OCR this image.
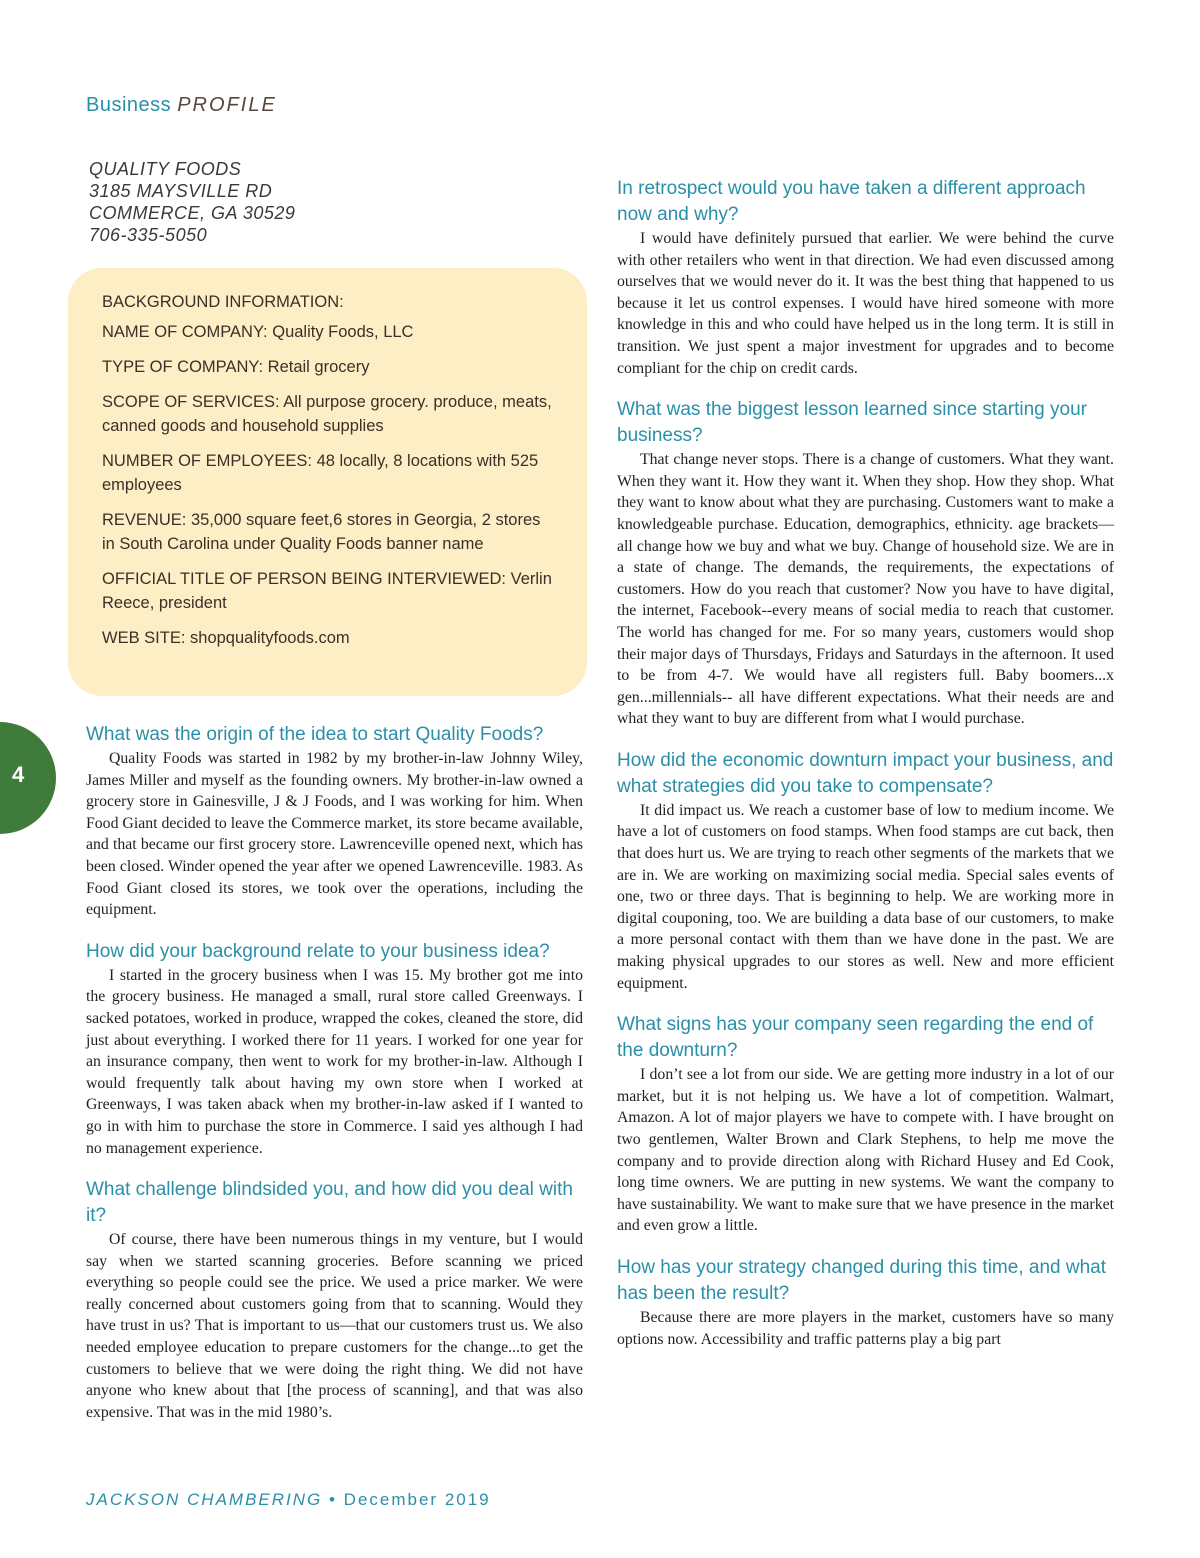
Business PROFILE
QUALITY FOODS
3185 MAYSVILLE RD
COMMERCE, GA 30529
706-335-5050
BACKGROUND INFORMATION:
NAME OF COMPANY: Quality Foods, LLC
TYPE OF COMPANY: Retail grocery
SCOPE OF SERVICES: All purpose grocery. produce, meats, canned goods and household supplies
NUMBER OF EMPLOYEES: 48 locally, 8 locations with 525 employees
REVENUE: 35,000 square feet,6 stores in Georgia, 2 stores in South Carolina under Quality Foods banner name
OFFICIAL TITLE OF PERSON BEING INTERVIEWED: Verlin Reece, president
WEB SITE: shopqualityfoods.com
4

What was the origin of the idea to start Quality Foods?

Quality Foods was started in 1982 by my brother-in-law Johnny Wiley, James Miller and myself as the founding owners. My brother-in-law owned a grocery store in Gainesville, J & J Foods, and I was working for him. When Food Giant decided to leave the Commerce market, its store became available, and that became our first grocery store. Lawrenceville opened next, which has been closed. Winder opened the year after we opened Lawrenceville. 1983. As Food Giant closed its stores, we took over the operations, including the equipment.

How did your background relate to your business idea?

I started in the grocery business when I was 15. My brother got me into the grocery business. He managed a small, rural store called Greenways. I sacked potatoes, worked in produce, wrapped the cokes, cleaned the store, did just about everything. I worked there for 11 years. I worked for one year for an insurance company, then went to work for my brother-in-law. Although I would frequently talk about having my own store when I worked at Greenways, I was taken aback when my brother-in-law asked if I wanted to go in with him to purchase the store in Commerce. I said yes although I had no management experience.

What challenge blindsided you, and how did you deal with it?

Of course, there have been numerous things in my venture, but I would say when we started scanning groceries. Before scanning we priced everything so people could see the price. We used a price marker. We were really concerned about customers going from that to scanning. Would they have trust in us? That is important to us—that our customers trust us. We also needed employee education to prepare customers for the change...to get the customers to believe that we were doing the right thing. We did not have anyone who knew about that [the process of scanning], and that was also expensive. That was in the mid 1980’s.

In retrospect would you have taken a different approach now and why?

I would have definitely pursued that earlier. We were behind the curve with other retailers who went in that direction. We had even discussed among ourselves that we would never do it. It was the best thing that happened to us because it let us control expenses. I would have hired someone with more knowledge in this and who could have helped us in the long term. It is still in transition. We just spent a major investment for upgrades and to become compliant for the chip on credit cards.

What was the biggest lesson learned since starting your business?

That change never stops. There is a change of customers. What they want. When they want it. How they want it. When they shop. How they shop. What they want to know about what they are purchasing. Customers want to make a knowledgeable purchase. Education, demographics, ethnicity. age brackets—all change how we buy and what we buy. Change of household size. We are in a state of change. The demands, the requirements, the expectations of customers. How do you reach that customer? Now you have to have digital, the internet, Facebook--every means of social media to reach that customer. The world has changed for me. For so many years, customers would shop their major days of Thursdays, Fridays and Saturdays in the afternoon. It used to be from 4-7. We would have all registers full. Baby boomers...x gen...millennials-- all have different expectations. What their needs are and what they want to buy are different from what I would purchase.

How did the economic downturn impact your business, and what strategies did you take to compensate?

It did impact us. We reach a customer base of low to medium income. We have a lot of customers on food stamps. When food stamps are cut back, then that does hurt us. We are trying to reach other segments of the markets that we are in. We are working on maximizing social media. Special sales events of one, two or three days. That is beginning to help. We are working more in digital couponing, too. We are building a data base of our customers, to make a more personal contact with them than we have done in the past. We are making physical upgrades to our stores as well. New and more efficient equipment.

What signs has your company seen regarding the end of the downturn?

I don’t see a lot from our side. We are getting more industry in a lot of our market, but it is not helping us. We have a lot of competition. Walmart, Amazon. A lot of major players we have to compete with. I have brought on two gentlemen, Walter Brown and Clark Stephens, to help me move the company and to provide direction along with Richard Husey and Ed Cook, long time owners. We are putting in new systems. We want the company to have sustainability. We want to make sure that we have presence in the market and even grow a little.

How has your strategy changed during this time, and what has been the result?

Because there are more players in the market, customers have so many options now. Accessibility and traffic patterns play a big part

JACKSON CHAMBERING • December 2019
